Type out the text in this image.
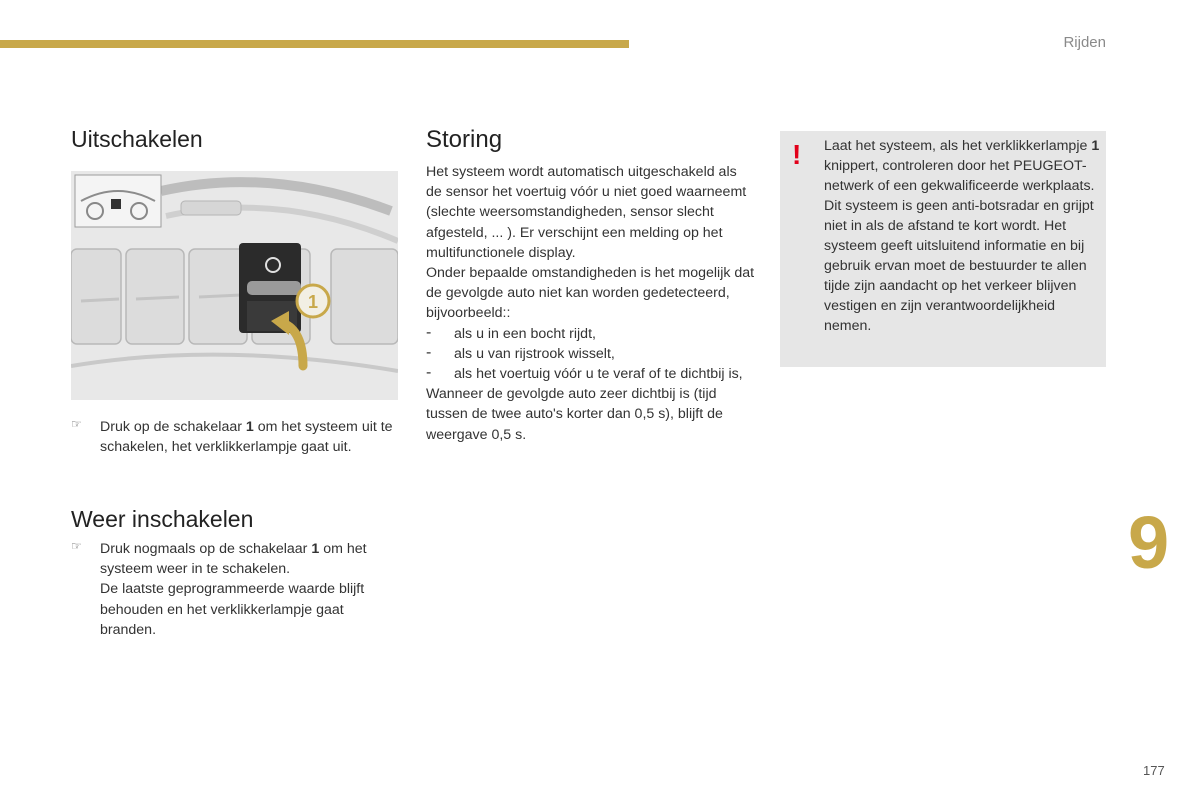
Rijden
Uitschakelen
1
☞ Druk op de schakelaar 1 om het systeem uit te schakelen, het verklikkerlampje gaat uit.

Weer inschakelen
☞ Druk nogmaals op de schakelaar 1 om het systeem weer in te schakelen.

De laatste geprogrammeerde waarde blijft behouden en het verklikkerlampje gaat branden.

Storing

Het systeem wordt automatisch uitgeschakeld als de sensor het voertuig vóór u niet goed waarneemt (slechte weersomstandigheden, sensor slecht afgesteld, ... ). Er verschijnt een melding op het multifunctionele display.

Onder bepaalde omstandigheden is het mogelijk dat de gevolgde auto niet kan worden gedetecteerd, bijvoorbeeld::

- als u in een bocht rijdt,

- als u van rijstrook wisselt,

- als het voertuig vóór u te veraf of te dichtbij is,

Wanneer de gevolgde auto zeer dichtbij is (tijd tussen de twee auto's korter dan 0,5 s), blijft de weergave 0,5 s.

! Laat het systeem, als het verklikkerlampje 1 knippert, controleren door het PEUGEOT-netwerk of een gekwalificeerde werkplaats.

Dit systeem is geen anti-botsradar en grijpt niet in als de afstand te kort wordt. Het systeem geeft uitsluitend informatie en bij gebruik ervan moet de bestuurder te allen tijde zijn aandacht op het verkeer blijven vestigen en zijn verantwoordelijkheid nemen.

9
177
